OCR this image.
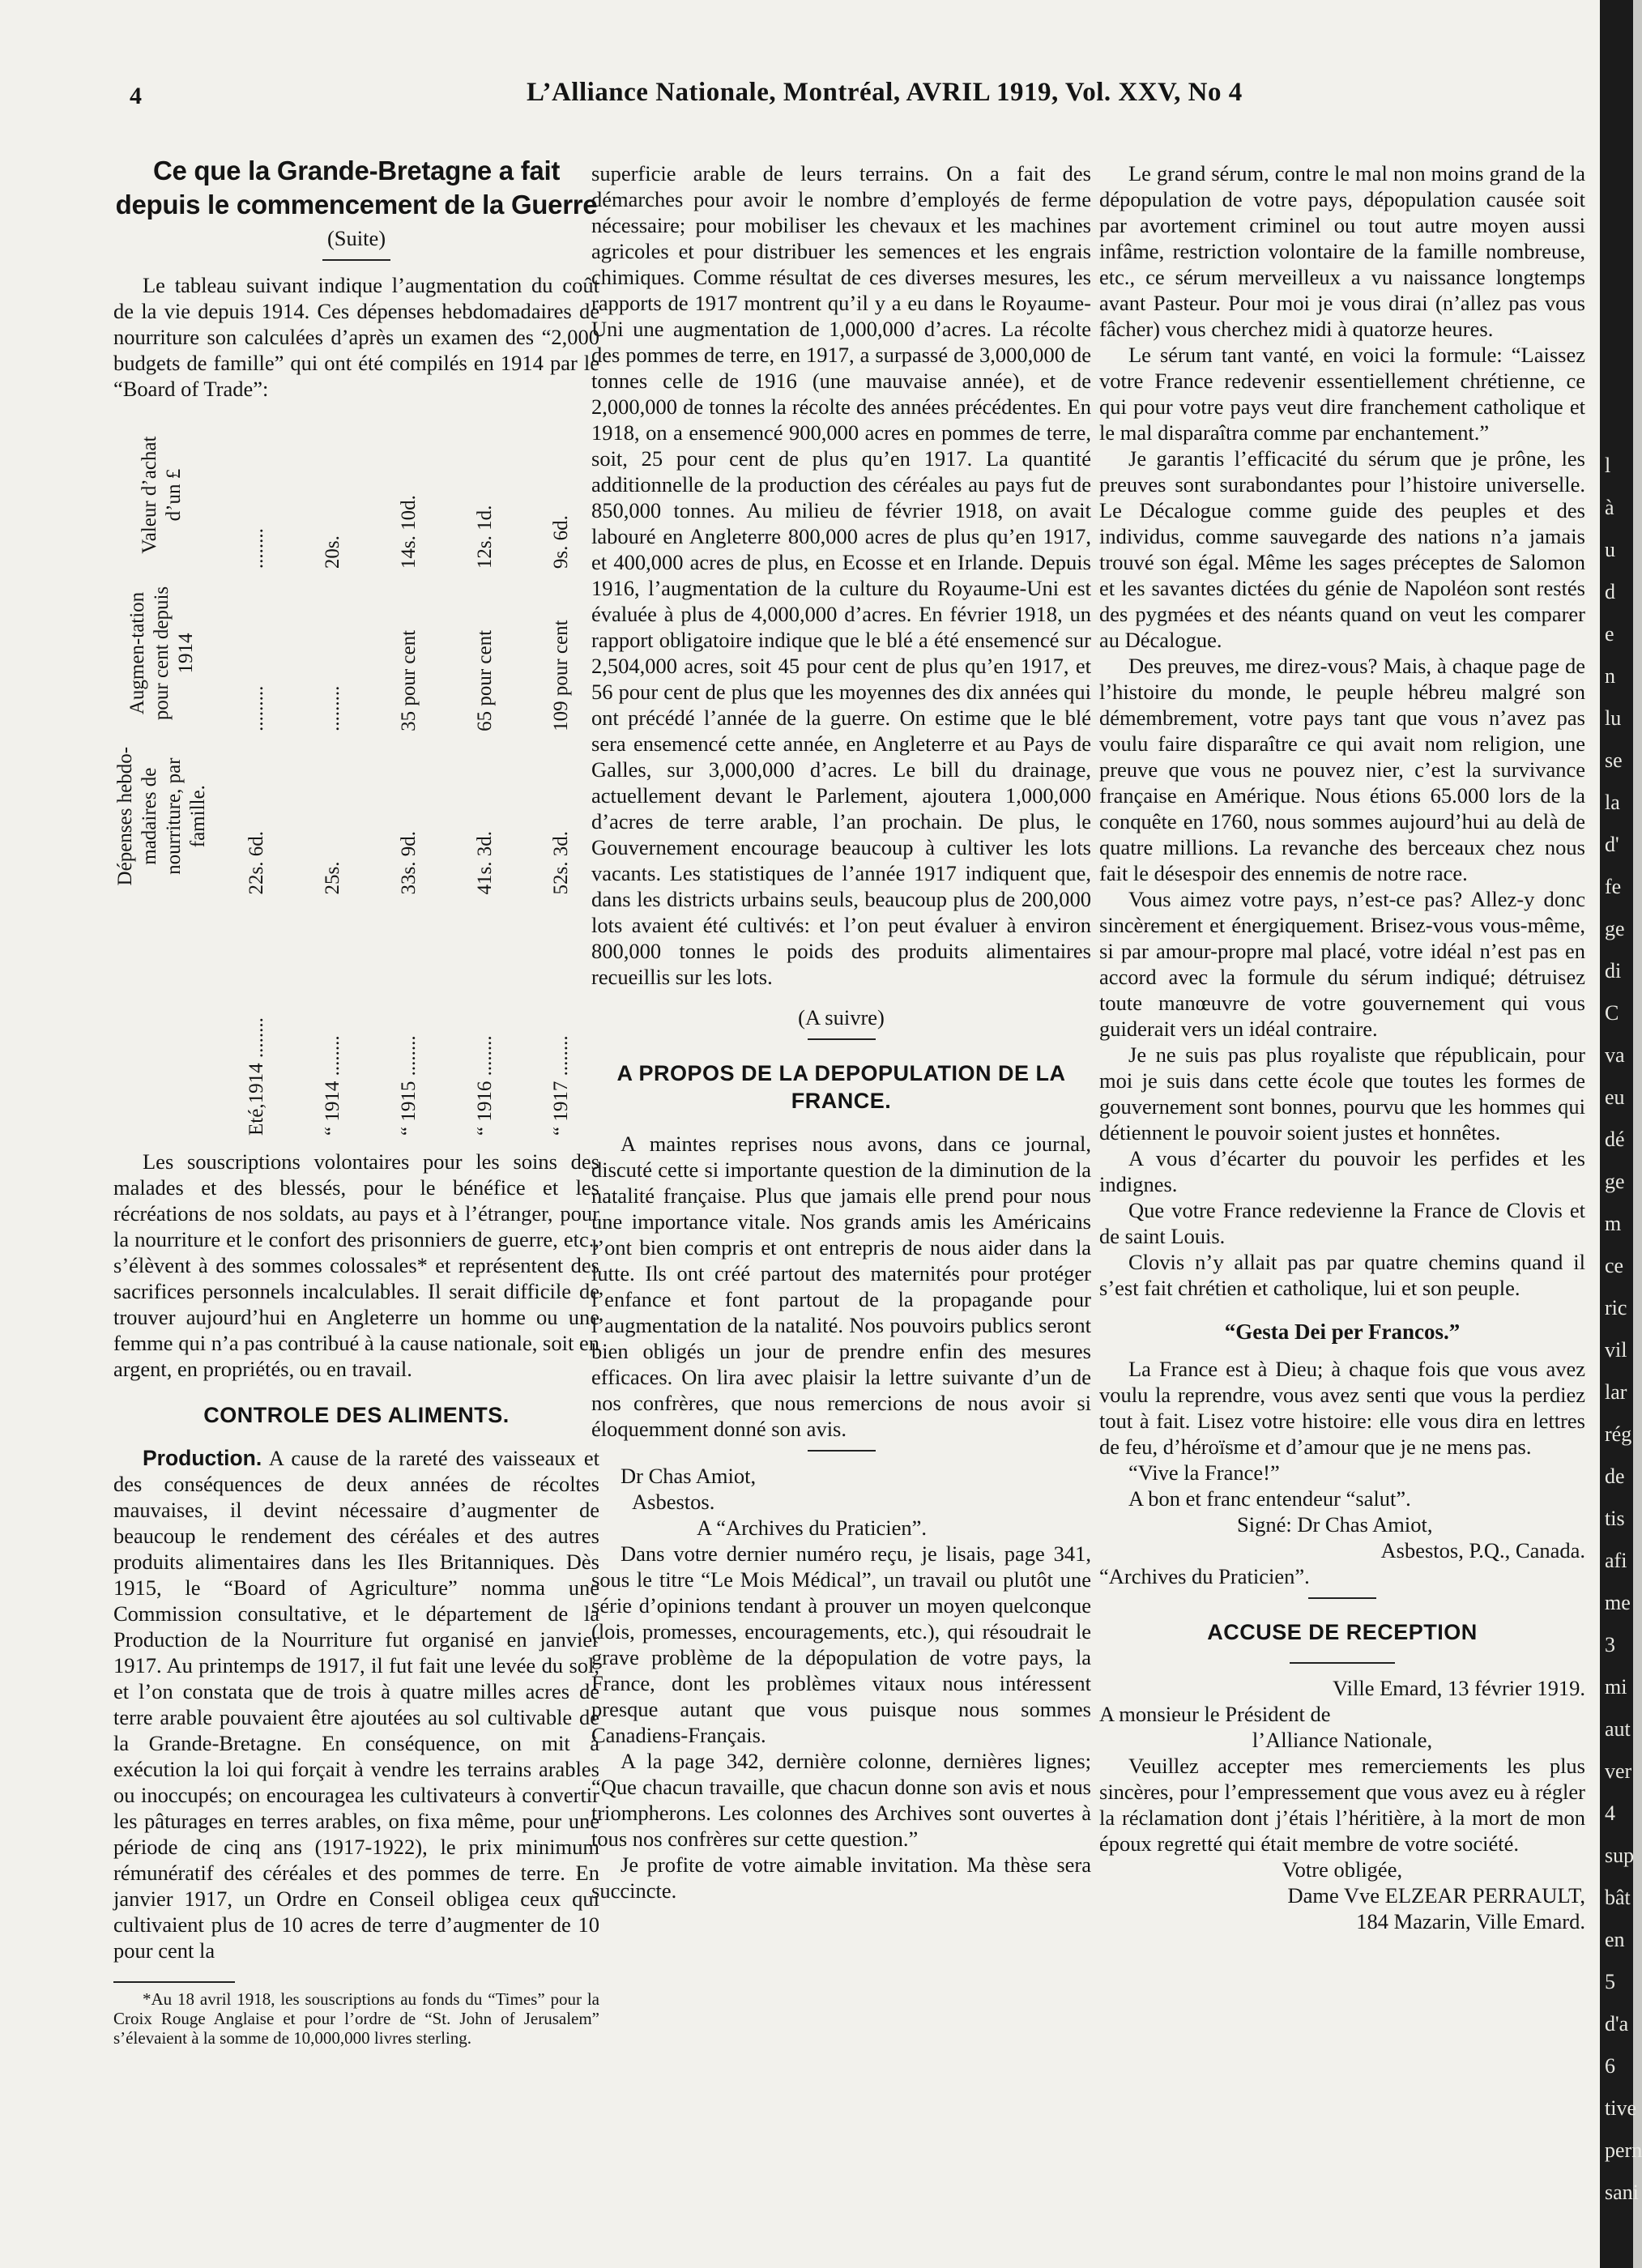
4	L’Alliance Nationale, Montréal, AVRIL 1919, Vol. XXV, No 4
Ce que la Grande-Bretagne a fait depuis le commencement de la Guerre
(Suite)

Le tableau suivant indique l’augmentation du coût de la vie depuis 1914. Ces dépenses hebdomadaires de nourriture son calculées d’après un examen des “2,000 budgets de famille” qui ont été compilés en 1914 par le “Board of Trade”:

	Dépenses hebdo-madaires de nourriture, par famille.	Augmen-tation pour cent depuis 1914	Valeur d’achat d’un £
Eté,1914 ........	22s. 6d.	.........	........
“ 1914 ........	25s.	.........	20s.
“ 1915 ........	33s. 9d.	35 pour cent	14s. 10d.
“ 1916 ........	41s. 3d.	65 pour cent	12s. 1d.
“ 1917 ........	52s. 3d.	109 pour cent	9s. 6d.

Les souscriptions volontaires pour les soins des malades et des blessés, pour le bénéfice et les récréations de nos soldats, au pays et à l’étranger, pour la nourriture et le confort des prisonniers de guerre, etc., s’élèvent à des sommes colossales* et représentent des sacrifices personnels incalculables. Il serait difficile de trouver aujourd’hui en Angleterre un homme ou une femme qui n’a pas contribué à la cause nationale, soit en argent, en propriétés, ou en travail.

CONTROLE DES ALIMENTS.

Production. A cause de la rareté des vaisseaux et des conséquences de deux années de récoltes mauvaises, il devint nécessaire d’augmenter de beaucoup le rendement des céréales et des autres produits alimentaires dans les Iles Britanniques. Dès 1915, le “Board of Agriculture” nomma une Commission consultative, et le département de la Production de la Nourriture fut organisé en janvier 1917. Au printemps de 1917, il fut fait une levée du sol, et l’on constata que de trois à quatre milles acres de terre arable pouvaient être ajoutées au sol cultivable de la Grande-Bretagne. En conséquence, on mit à exécution la loi qui forçait à vendre les terrains arables ou inoccupés; on encouragea les cultivateurs à convertir les pâturages en terres arables, on fixa même, pour une période de cinq ans (1917-1922), le prix minimum rémunératif des céréales et des pommes de terre. En janvier 1917, un Ordre en Conseil obligea ceux qui cultivaient plus de 10 acres de terre d’augmenter de 10 pour cent la

*Au 18 avril 1918, les souscriptions au fonds du “Times” pour la Croix Rouge Anglaise et pour l’ordre de “St. John of Jerusalem” s’élevaient à la somme de 10,000,000 livres sterling.

superficie arable de leurs terrains. On a fait des démarches pour avoir le nombre d’employés de ferme nécessaire; pour mobiliser les chevaux et les machines agricoles et pour distribuer les semences et les engrais chimiques. Comme résultat de ces diverses mesures, les rapports de 1917 montrent qu’il y a eu dans le Royaume-Uni une augmentation de 1,000,000 d’acres. La récolte des pommes de terre, en 1917, a surpassé de 3,000,000 de tonnes celle de 1916 (une mauvaise année), et de 2,000,000 de tonnes la récolte des années précédentes. En 1918, on a ensemencé 900,000 acres en pommes de terre, soit, 25 pour cent de plus qu’en 1917. La quantité additionnelle de la production des céréales au pays fut de 850,000 tonnes. Au milieu de février 1918, on avait labouré en Angleterre 800,000 acres de plus qu’en 1917, et 400,000 acres de plus, en Ecosse et en Irlande. Depuis 1916, l’augmentation de la culture du Royaume-Uni est évaluée à plus de 4,000,000 d’acres. En février 1918, un rapport obligatoire indique que le blé a été ensemencé sur 2,504,000 acres, soit 45 pour cent de plus qu’en 1917, et 56 pour cent de plus que les moyennes des dix années qui ont précédé l’année de la guerre. On estime que le blé sera ensemencé cette année, en Angleterre et au Pays de Galles, sur 3,000,000 d’acres. Le bill du drainage, actuellement devant le Parlement, ajoutera 1,000,000 d’acres de terre arable, l’an prochain. De plus, le Gouvernement encourage beaucoup à cultiver les lots vacants. Les statistiques de l’année 1917 indiquent que, dans les districts urbains seuls, beaucoup plus de 200,000 lots avaient été cultivés: et l’on peut évaluer à environ 800,000 tonnes le poids des produits alimentaires recueillis sur les lots.

(A suivre)

A PROPOS DE LA DEPOPULATION DE LA FRANCE.

A maintes reprises nous avons, dans ce journal, discuté cette si importante question de la diminution de la natalité française. Plus que jamais elle prend pour nous une importance vitale. Nos grands amis les Américains l’ont bien compris et ont entrepris de nous aider dans la lutte. Ils ont créé partout des maternités pour protéger l’enfance et font partout de la propagande pour l’augmentation de la natalité. Nos pouvoirs publics seront bien obligés un jour de prendre enfin des mesures efficaces. On lira avec plaisir la lettre suivante d’un de nos confrères, que nous remercions de nous avoir si éloquemment donné son avis.

Dr Chas Amiot,

Asbestos.

A “Archives du Praticien”.

Dans votre dernier numéro reçu, je lisais, page 341, sous le titre “Le Mois Médical”, un travail ou plutôt une série d’opinions tendant à prouver un moyen quelconque (lois, promesses, encouragements, etc.), qui résoudrait le grave problème de la dépopulation de votre pays, la France, dont les problèmes vitaux nous intéressent presque autant que vous puisque nous sommes Canadiens-Français.

A la page 342, dernière colonne, dernières lignes; “Que chacun travaille, que chacun donne son avis et nous triompherons. Les colonnes des Archives sont ouvertes à tous nos confrères sur cette question.”

Je profite de votre aimable invitation. Ma thèse sera succincte.

Le grand sérum, contre le mal non moins grand de la dépopulation de votre pays, dépopulation causée soit par avortement criminel ou tout autre moyen aussi infâme, restriction volontaire de la famille nombreuse, etc., ce sérum merveilleux a vu naissance longtemps avant Pasteur. Pour moi je vous dirai (n’allez pas vous fâcher) vous cherchez midi à quatorze heures.

Le sérum tant vanté, en voici la formule: “Laissez votre France redevenir essentiellement chrétienne, ce qui pour votre pays veut dire franchement catholique et le mal disparaîtra comme par enchantement.”

Je garantis l’efficacité du sérum que je prône, les preuves sont surabondantes pour l’histoire universelle. Le Décalogue comme guide des peuples et des individus, comme sauvegarde des nations n’a jamais trouvé son égal. Même les sages préceptes de Salomon et les savantes dictées du génie de Napoléon sont restés des pygmées et des néants quand on veut les comparer au Décalogue.

Des preuves, me direz-vous? Mais, à chaque page de l’histoire du monde, le peuple hébreu malgré son démembrement, votre pays tant que vous n’avez pas voulu faire disparaître ce qui avait nom religion, une preuve que vous ne pouvez nier, c’est la survivance française en Amérique. Nous étions 65.000 lors de la conquête en 1760, nous sommes aujourd’hui au delà de quatre millions. La revanche des berceaux chez nous fait le désespoir des ennemis de notre race.

Vous aimez votre pays, n’est-ce pas? Allez-y donc sincèrement et énergiquement. Brisez-vous vous-même, si par amour-propre mal placé, votre idéal n’est pas en accord avec la formule du sérum indiqué; détruisez toute manœuvre de votre gouvernement qui vous guiderait vers un idéal contraire.

Je ne suis pas plus royaliste que républicain, pour moi je suis dans cette école que toutes les formes de gouvernement sont bonnes, pourvu que les hommes qui détiennent le pouvoir soient justes et honnêtes.

A vous d’écarter du pouvoir les perfides et les indignes.

Que votre France redevienne la France de Clovis et de saint Louis.

Clovis n’y allait pas par quatre chemins quand il s’est fait chrétien et catholique, lui et son peuple.

“Gesta Dei per Francos.”

La France est à Dieu; à chaque fois que vous avez voulu la reprendre, vous avez senti que vous la perdiez tout à fait. Lisez votre histoire: elle vous dira en lettres de feu, d’héroïsme et d’amour que je ne mens pas.

“Vive la France!”

A bon et franc entendeur “salut”.

Signé: Dr Chas Amiot,

Asbestos, P.Q., Canada.

“Archives du Praticien”.

ACCUSE DE RECEPTION

Ville Emard, 13 février 1919.

A monsieur le Président de

l’Alliance Nationale,

Veuillez accepter mes remerciements les plus sincères, pour l’empressement que vous avez eu à régler la réclamation dont j’étais l’héritière, à la mort de mon époux regretté qui était membre de votre société.

Votre obligée,

Dame Vve ELZEAR PERRAULT,

184 Mazarin, Ville Emard.

l
à
u
d
e
n
lu
se
la
d'
fe
ge
di
C
va
eu
dé
ge
m
ce
ric
vil
lar
rég
de
tis
afi
me
3
mi
aut
ver
4
sup
bât
en
5
d'a
6
tive
pern
sani
